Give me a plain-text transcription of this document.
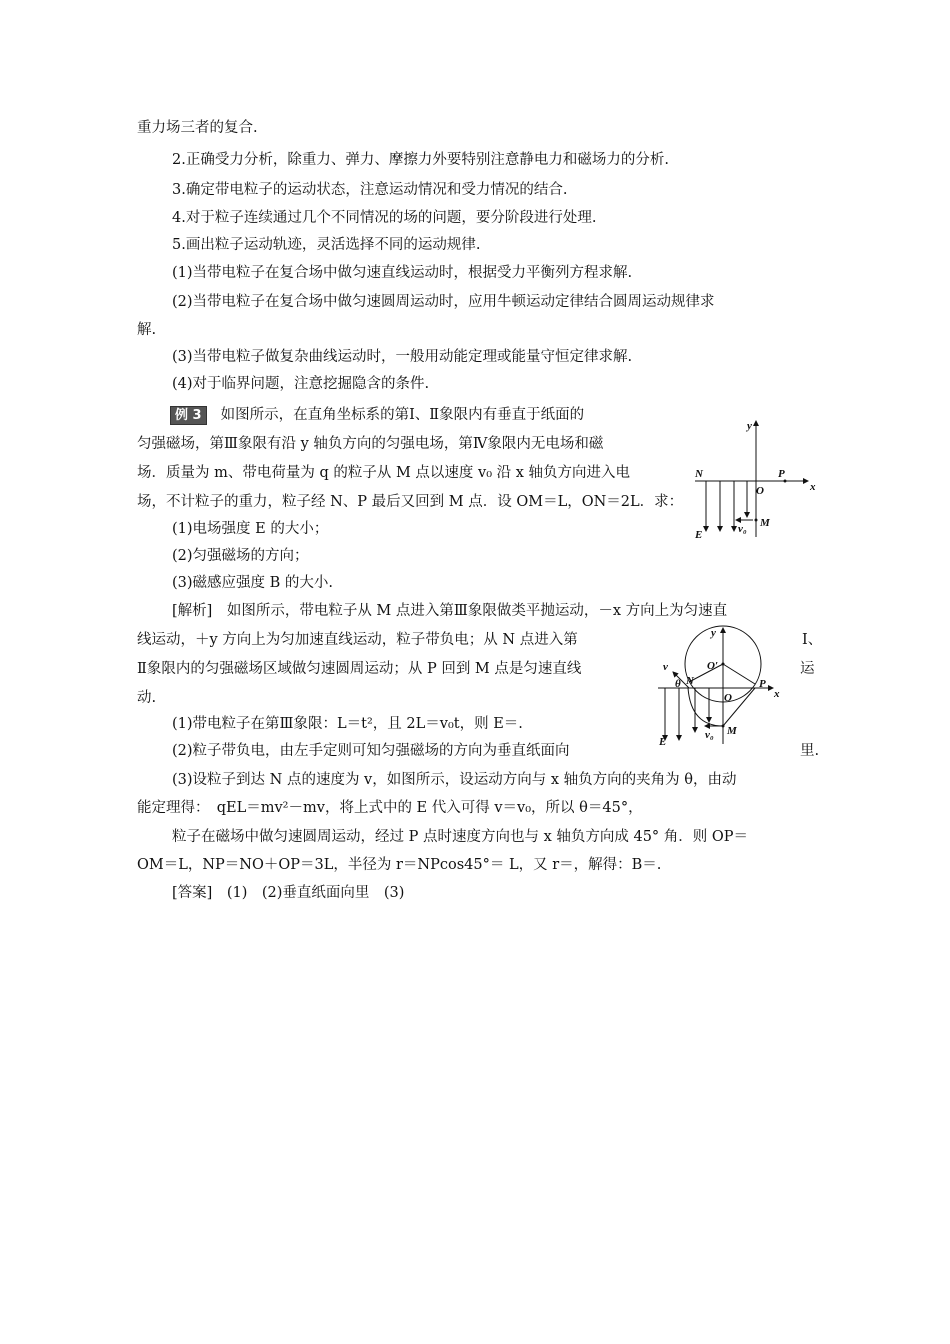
重力场三者的复合.
2.正确受力分析，除重力、弹力、摩擦力外要特别注意静电力和磁场力的分析.
3.确定带电粒子的运动状态，注意运动情况和受力情况的结合.
4.对于粒子连续通过几个不同情况的场的问题，要分阶段进行处理.
5.画出粒子运动轨迹，灵活选择不同的运动规律.
(1)当带电粒子在复合场中做匀速直线运动时，根据受力平衡列方程求解.
(2)当带电粒子在复合场中做匀速圆周运动时，应用牛顿运动定律结合圆周运动规律求
解.
(3)当带电粒子做复杂曲线运动时，一般用动能定理或能量守恒定律求解.
(4)对于临界问题，注意挖掘隐含的条件.
例 3 如图所示，在直角坐标系的第Ⅰ、Ⅱ象限内有垂直于纸面的
匀强磁场，第Ⅲ象限有沿 y 轴负方向的匀强电场，第Ⅳ象限内无电场和磁
场．质量为 m、带电荷量为 q 的粒子从 M 点以速度 v₀ 沿 x 轴负方向进入电
场，不计粒子的重力，粒子经 N、P 最后又回到 M 点．设 OM＝L，ON＝2L．求：
(1)电场强度 E 的大小；
(2)匀强磁场的方向；
(3)磁感应强度 B 的大小.
y
x
N
O
P
E
M
v₀
[解析]　如图所示，带电粒子从 M 点进入第Ⅲ象限做类平抛运动，－x 方向上为匀速直
线运动，＋y 方向上为匀加速直线运动，粒子带负电；从 N 点进入第	Ⅰ、
Ⅱ象限内的匀强磁场区域做匀速圆周运动；从 P 回到 M 点是匀速直线	运
动.
(1)带电粒子在第Ⅲ象限：L＝t²，且 2L＝v₀t，则 E＝.
(2)粒子带负电，由左手定则可知匀强磁场的方向为垂直纸面向	里.
(3)设粒子到达 N 点的速度为 v，如图所示，设运动方向与 x 轴负方向的夹角为 θ，由动
能定理得：　qEL＝mv²－mv，将上式中的 E 代入可得 v＝v₀，所以 θ＝45°，
粒子在磁场中做匀速圆周运动，经过 P 点时速度方向也与 x 轴负方向成 45° 角．则 OP＝
OM＝L，NP＝NO＋OP＝3L，半径为 r＝NPcos45°＝ L，又 r＝，解得：B＝.
[答案]　(1)　(2)垂直纸面向里　(3)
y
x
O′
N
O
P
M
E
v₀
v
θ
